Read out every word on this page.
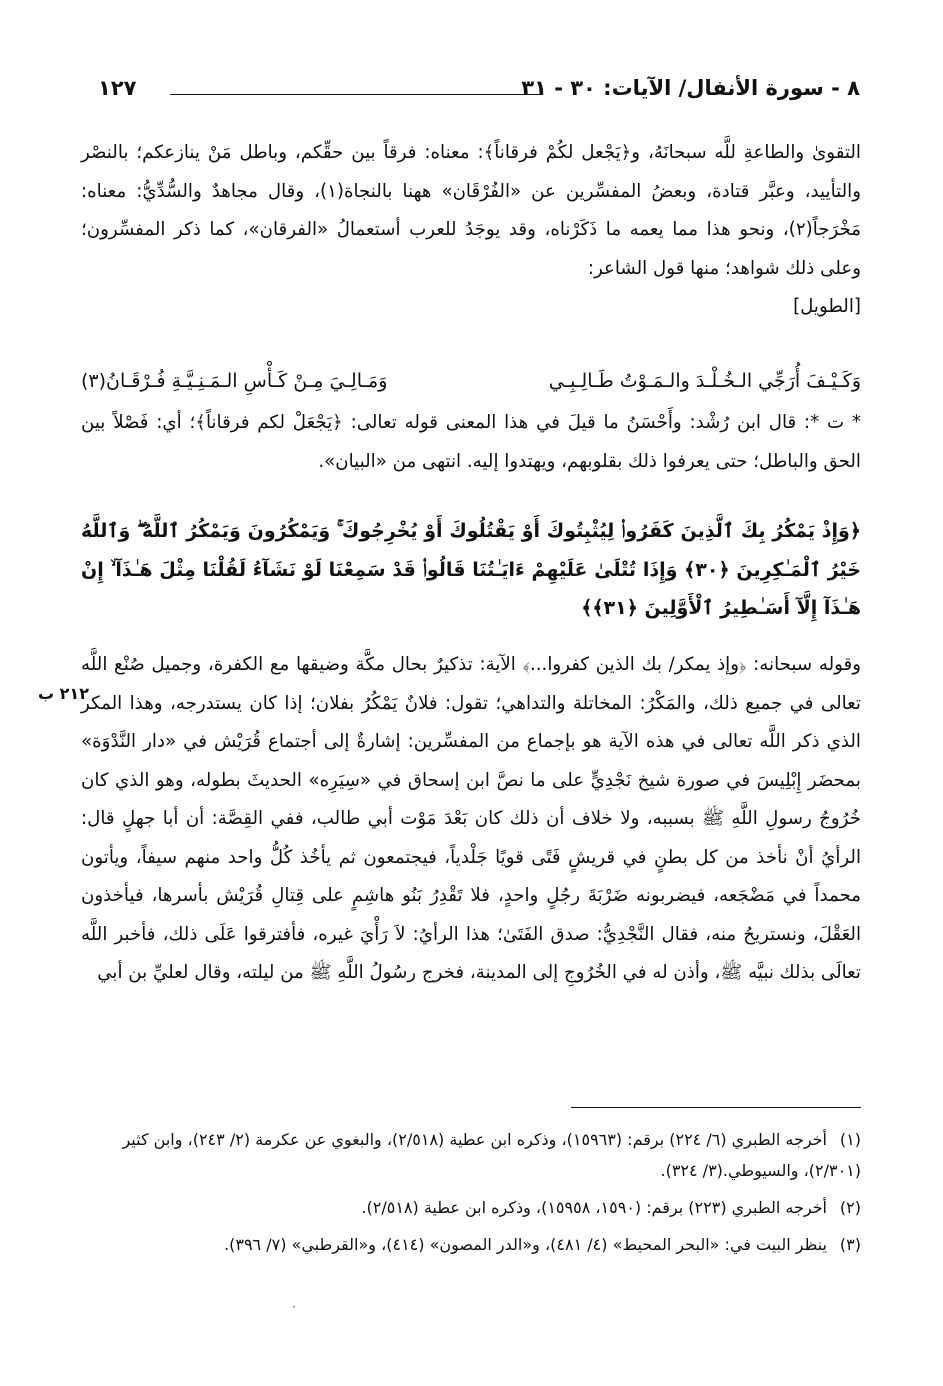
٨ - سورة الأنفال/ الآيات: ٣٠ - ٣١
١٢٧
التقوىٰ والطاعةِ للَّه سبحانَهُ، و﴿يَجْعل لكُمْ فرقاناً﴾: معناه: فرقاً بين حقِّكم، وباطل مَنْ ينازعكم؛ بالنصْر والتأييد، وعبَّر قتادة، وبعضُ المفسِّرين عن «الفُرْقَان» ههنا بالنجاة(١)، وقال مجاهدٌ والسُّدِّيُّ: معناه: مَخْرَجاً(٢)، ونحو هذا مما يعمه ما ذَكَرْناه، وقد يوجَدُ للعرب أستعمالُ «الفرقان»، كما ذكر المفسِّرون؛ وعلى ذلك شواهد؛ منها قول الشاعر:
[الطويل]
وَكَـيْـفَ أُرَجِّي الـخُـلْـدَ والـمَـوْتُ طَـالِـبِـي
وَمَـالِـيَ مِـنْ كَـأْسِ الـمَـنِـيَّـةِ فُـرْقَـانُ(٣)
* ت *: قال ابن رُشْد: وأَحْسَنُ ما قيلَ في هذا المعنى قوله تعالى: ﴿يَجْعَلْ لكم فرقاناً﴾؛ أي: فَصْلاً بين الحق والباطل؛ حتى يعرفوا ذلك بقلوبهم، ويهتدوا إليه. انتهى من «البيان».
﴿وَإِذْ يَمْكُرُ بِكَ ٱلَّذِينَ كَفَرُوا۟ لِيُثْبِتُوكَ أَوْ يَقْتُلُوكَ أَوْ يُخْرِجُوكَ ۚ وَيَمْكُرُونَ وَيَمْكُرُ ٱللَّهُ ۖ وَٱللَّهُ خَيْرُ ٱلْمَـٰكِرِينَ ﴿٣٠﴾ وَإِذَا تُتْلَىٰ عَلَيْهِمْ ءَايَـٰتُنَا قَالُوا۟ قَدْ سَمِعْنَا لَوْ نَشَآءُ لَقُلْنَا مِثْلَ هَـٰذَآ ۙ إِنْ هَـٰذَآ إِلَّآ أَسَـٰطِيرُ ٱلْأَوَّلِينَ ﴿٣١﴾﴾
وقوله سبحانه: ﴿وإذ يمكر/ بك الذين كفروا...﴾ الآية: تذكيرٌ بحال مكَّة وضيقها مع الكفرة، وجميل صُنْع اللَّه تعالى في جميع ذلك، والمَكْرُ: المخاتلة والتداهي؛ تقول: فلانٌ يَمْكُرُ بفلان؛ إذا كان يستدرجه، وهذا المكر الذي ذكر اللَّه تعالى في هذه الآية هو بإجماع من المفسِّرين: إشارةٌ إلى أجتماع قُرَيْش في «دار النَّدْوَة» بمحضَر إِبْلِيسَ في صورة شيخ نَجْدِيٍّ على ما نصَّ ابن إسحاق في «سِيَرِه» الحديثَ بطوله، وهو الذي كان خُرُوجُ رسولِ اللَّهِ ﷺ بسببه، ولا خلاف أن ذلك كان بَعْدَ مَوْت أبي طالب، ففي القِصَّة: أن أبا جهلٍ قال: الرأيُ أنْ نأخذ من كل بطنٍ في قريشٍ فَتًى قويًا جَلْدياً، فيجتمعون ثم يأخُذ كُلُّ واحد منهم سيفاً، ويأتون محمداً في مَضْجَعه، فيضربونه ضَرْبَةَ رجُلٍ واحدٍ، فلا تَقْدِرُ بَنُو هاشِمٍ على قِتالِ قُرَيْش بأسرها، فيأخذون العَقْلَ، ونستريحُ منه، فقال النَّجْدِيُّ: صدق الفَتَىٰ؛ هذا الرأيُ: لاَ رَأْيَ غيره، فأفترقوا عَلَى ذلك، فأخبر اللَّه تعالَى بذلك نبيَّه ﷺ، وأذن له في الخُرُوجِ إلى المدينة، فخرج رسُولُ اللَّهِ ﷺ من ليلته، وقال لعليِّ بن أبي
٢١٢ ب
(١)أخرجه الطبري (٦/ ٢٢٤) برقم: (١٥٩٦٣)، وذكره ابن عطية (٢/٥١٨)، والبغوي عن عكرمة (٢/ ٢٤٣)، وابن كثير (٢/٣٠١)، والسيوطي.(٣/ ٣٢٤).
(٢)أخرجه الطبري (٢٢٣) برقم: (١٥٩٠، ١٥٩٥٨)، وذكره ابن عطية (٢/٥١٨).
(٣)ينظر البيت في: «البحر المحيط» (٤/ ٤٨١)، و«الدر المصون» (٤١٤)، و«القرطبي» (٧/ ٣٩٦).
·
